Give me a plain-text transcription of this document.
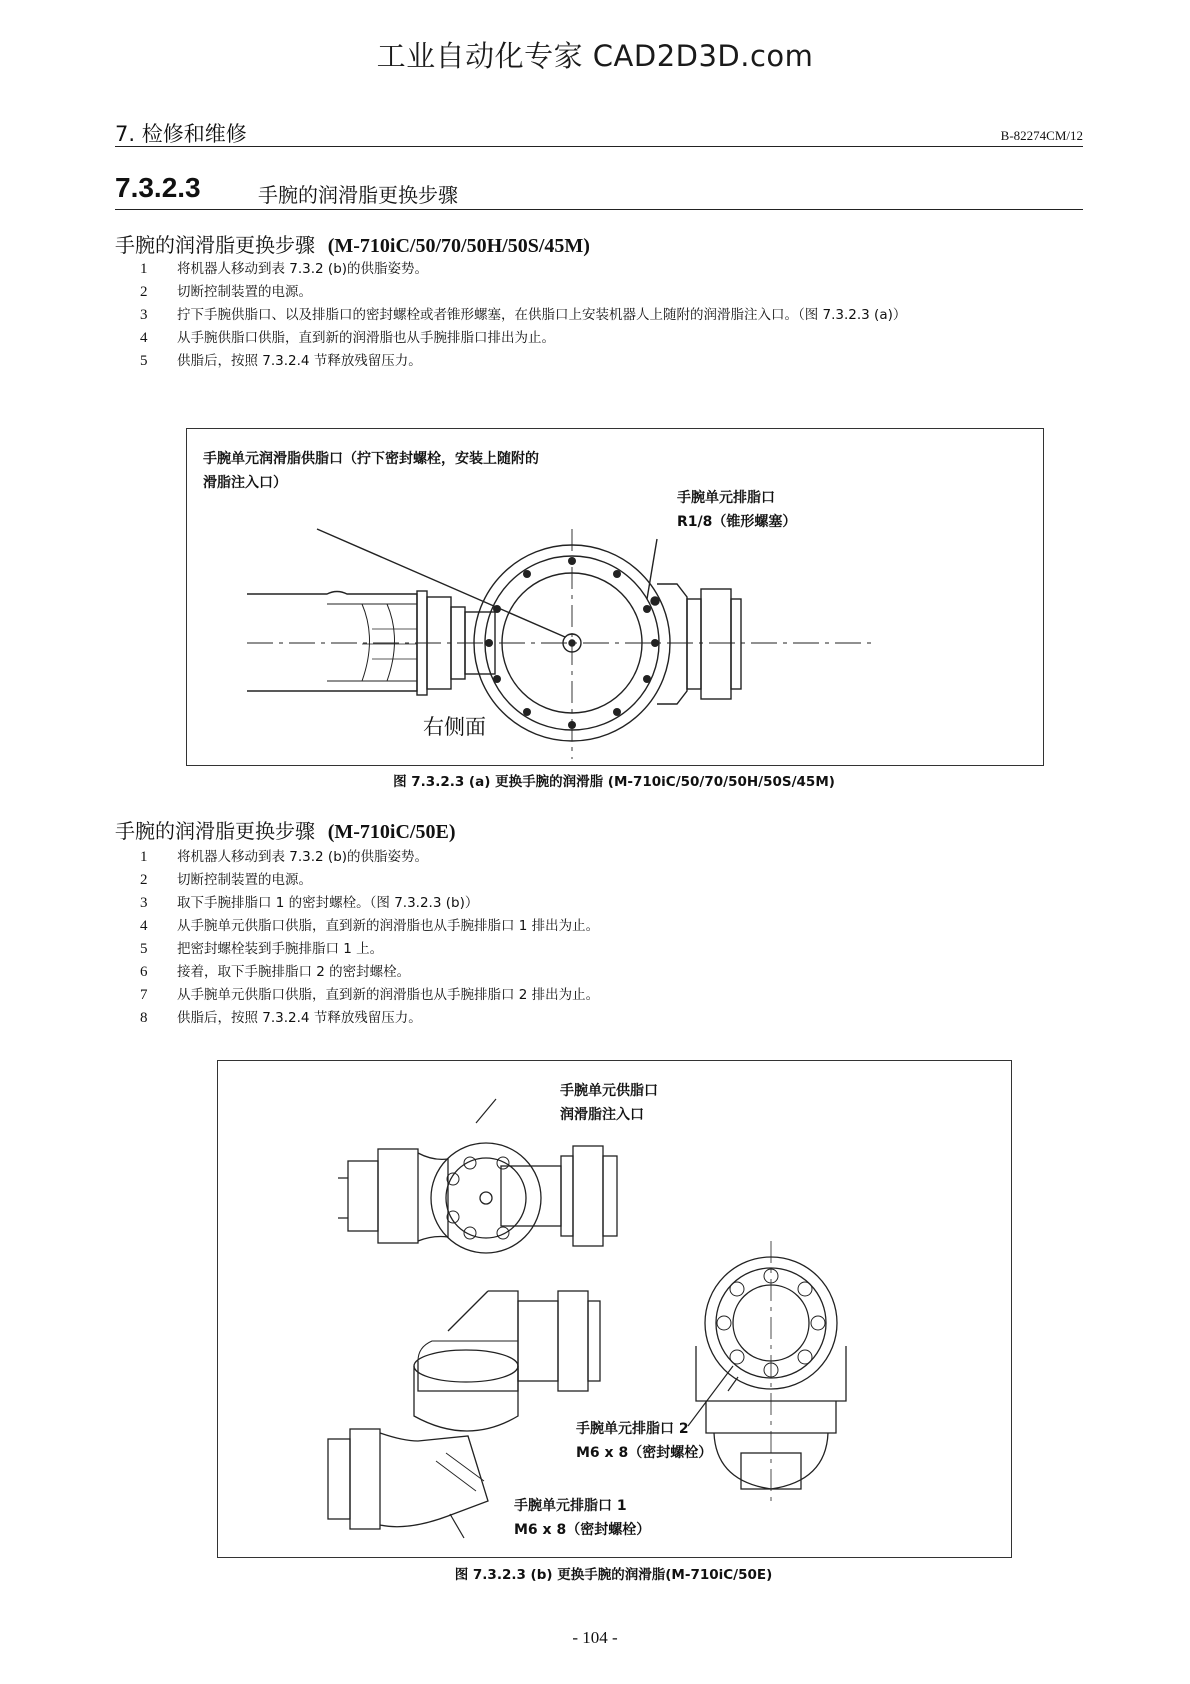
工业自动化专家 CAD2D3D.com
7. 检修和维修	B-82274CM/12
7.3.2.3	手腕的润滑脂更换步骤
手腕的润滑脂更换步骤 (M-710iC/50/70/50H/50S/45M)
1	将机器人移动到表 7.3.2 (b)的供脂姿势。
2	切断控制装置的电源。
3	拧下手腕供脂口、以及排脂口的密封螺栓或者锥形螺塞，在供脂口上安装机器人上随附的润滑脂注入口。（图 7.3.2.3 (a)）
4	从手腕供脂口供脂，直到新的润滑脂也从手腕排脂口排出为止。
5	供脂后，按照 7.3.2.4 节释放残留压力。
手腕单元润滑脂供脂口（拧下密封螺栓，安装上随附的
滑脂注入口）
手腕单元排脂口
R1/8（锥形螺塞）
右侧面
图 7.3.2.3 (a) 更换手腕的润滑脂 (M-710iC/50/70/50H/50S/45M)
手腕的润滑脂更换步骤 (M-710iC/50E)
1	将机器人移动到表 7.3.2 (b)的供脂姿势。
2	切断控制装置的电源。
3	取下手腕排脂口 1 的密封螺栓。（图 7.3.2.3 (b)）
4	从手腕单元供脂口供脂，直到新的润滑脂也从手腕排脂口 1 排出为止。
5	把密封螺栓装到手腕排脂口 1 上。
6	接着，取下手腕排脂口 2 的密封螺栓。
7	从手腕单元供脂口供脂，直到新的润滑脂也从手腕排脂口 2 排出为止。
8	供脂后，按照 7.3.2.4 节释放残留压力。
手腕单元供脂口
润滑脂注入口
手腕单元排脂口 2
M6 x 8（密封螺栓）
手腕单元排脂口 1
M6 x 8（密封螺栓）
图 7.3.2.3 (b) 更换手腕的润滑脂(M-710iC/50E)
- 104 -
